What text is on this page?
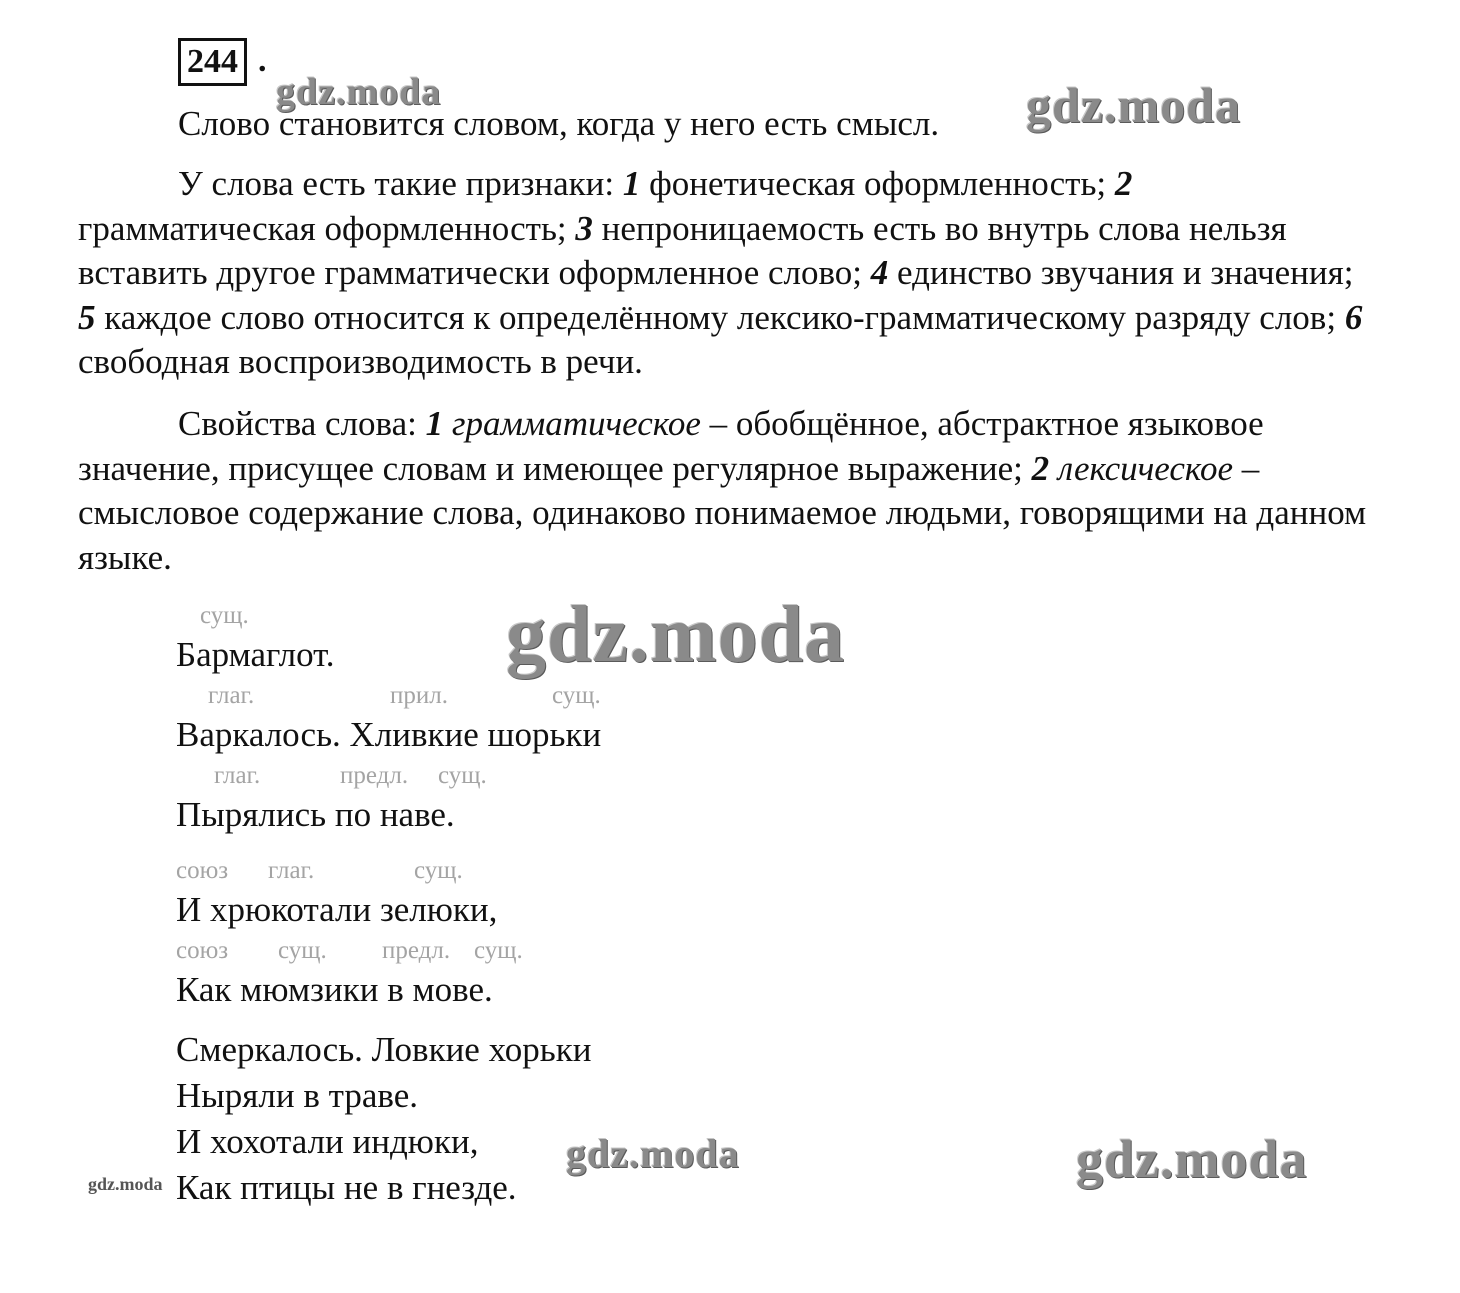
244 .

Слово становится словом, когда у него есть смысл.

У слова есть такие признаки: 1 фонетическая оформленность; 2 грамматическая оформленность; 3 непроницаемость есть во внутрь слова нельзя вставить другое грамматически оформленное слово; 4 единство звучания и значения; 5 каждое слово относится к определённому лексико-грамматическому разряду слов; 6 свободная воспроизводимость в речи.

Свойства слова: 1 грамматическое – обобщённое, абстрактное языковое значение, присущее словам и имеющее регулярное выражение; 2 лексическое – смысловое содержание слова, одинаково понимаемое людьми, говорящими на данном языке.

сущ.
Бармаглот.
глаг.	прил.	сущ.
Варкалось. Хливкие шорьки
глаг.	предл. сущ.
Пырялись по наве.
союз глаг.	сущ.
И хрюкотали зелюки,
союз сущ. предл. сущ.
Как мюмзики в мове.
Смеркалось. Ловкие хорьки
Ныряли в траве.
И хохотали индюки,
Как птицы не в гнезде.
gdz.moda	gdz.moda
gdz.moda
gdz.moda	gdz.moda
gdz.moda
